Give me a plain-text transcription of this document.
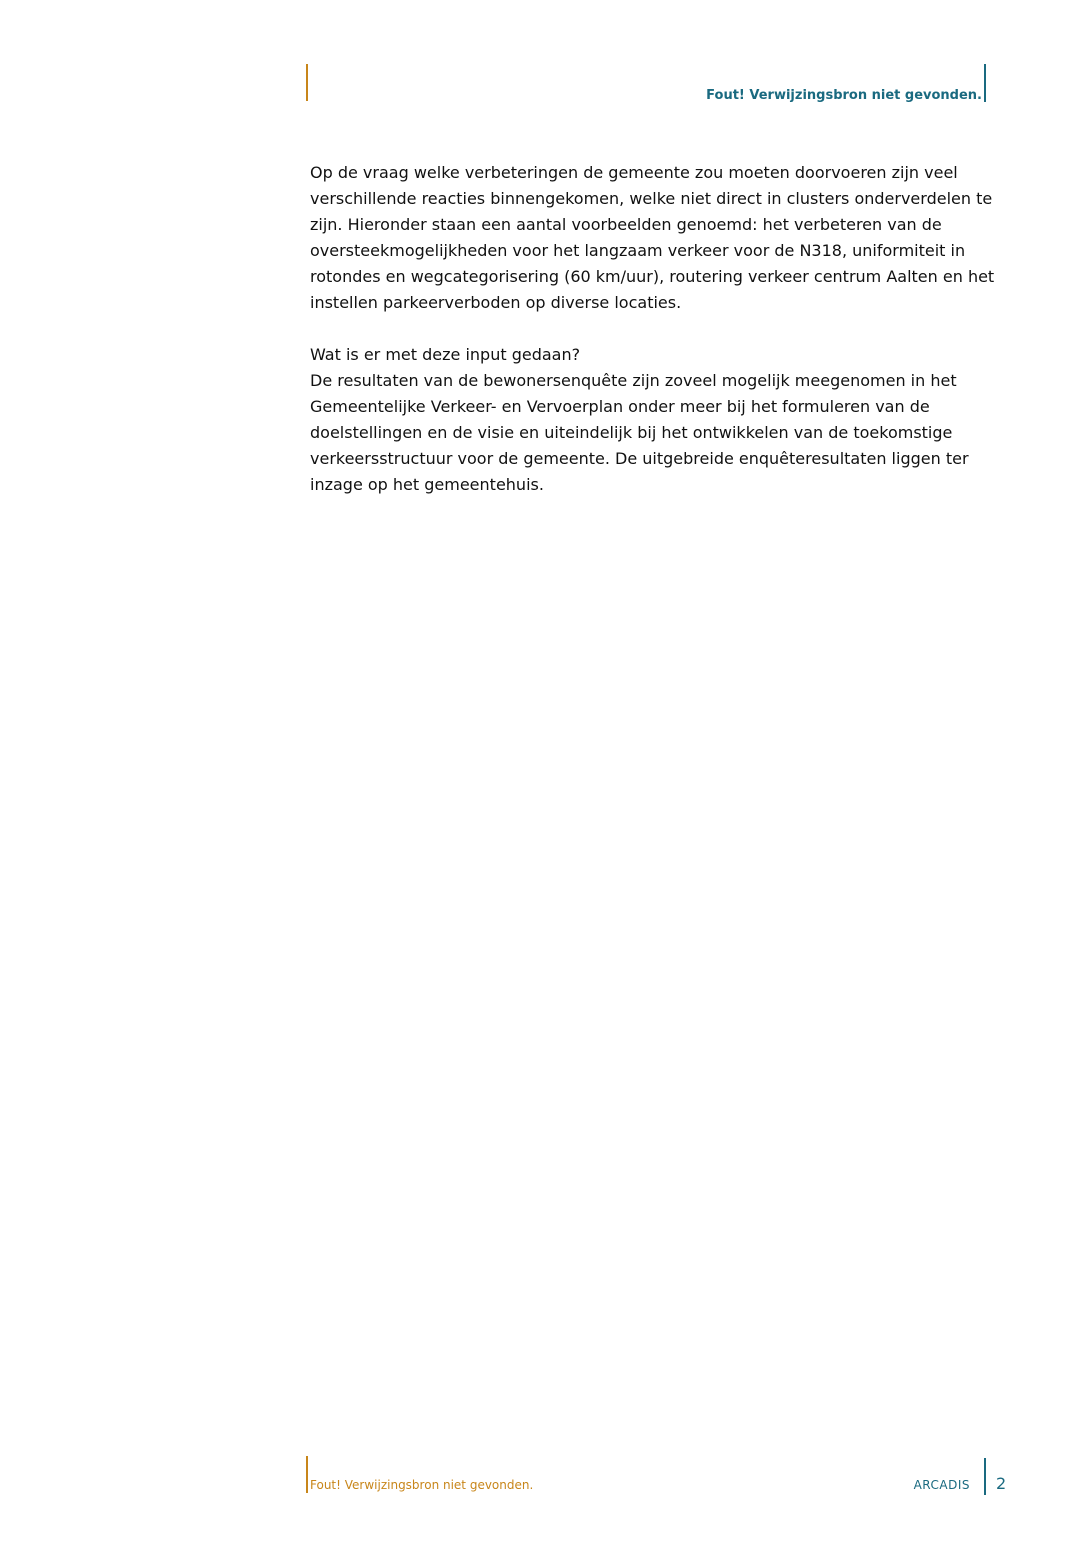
Fout! Verwijzingsbron niet gevonden.

Op de vraag welke verbeteringen de gemeente zou moeten doorvoeren zijn veel verschillende reacties binnengekomen, welke niet direct in clusters onderverdelen te zijn. Hieronder staan een aantal voorbeelden genoemd: het verbeteren van de oversteekmogelijkheden voor het langzaam verkeer voor de N318, uniformiteit in rotondes en wegcategorisering (60 km/uur), routering verkeer centrum Aalten en het instellen parkeerverboden op diverse locaties.

Wat is er met deze input gedaan?

De resultaten van de bewonersenquête zijn zoveel mogelijk meegenomen in het Gemeentelijke Verkeer- en Vervoerplan onder meer bij het formuleren van de doelstellingen en de visie en uiteindelijk bij het ontwikkelen van de toekomstige verkeersstructuur voor de gemeente. De uitgebreide enquêteresultaten liggen ter inzage op het gemeentehuis.

Fout! Verwijzingsbron niet gevonden.	ARCADIS 2
